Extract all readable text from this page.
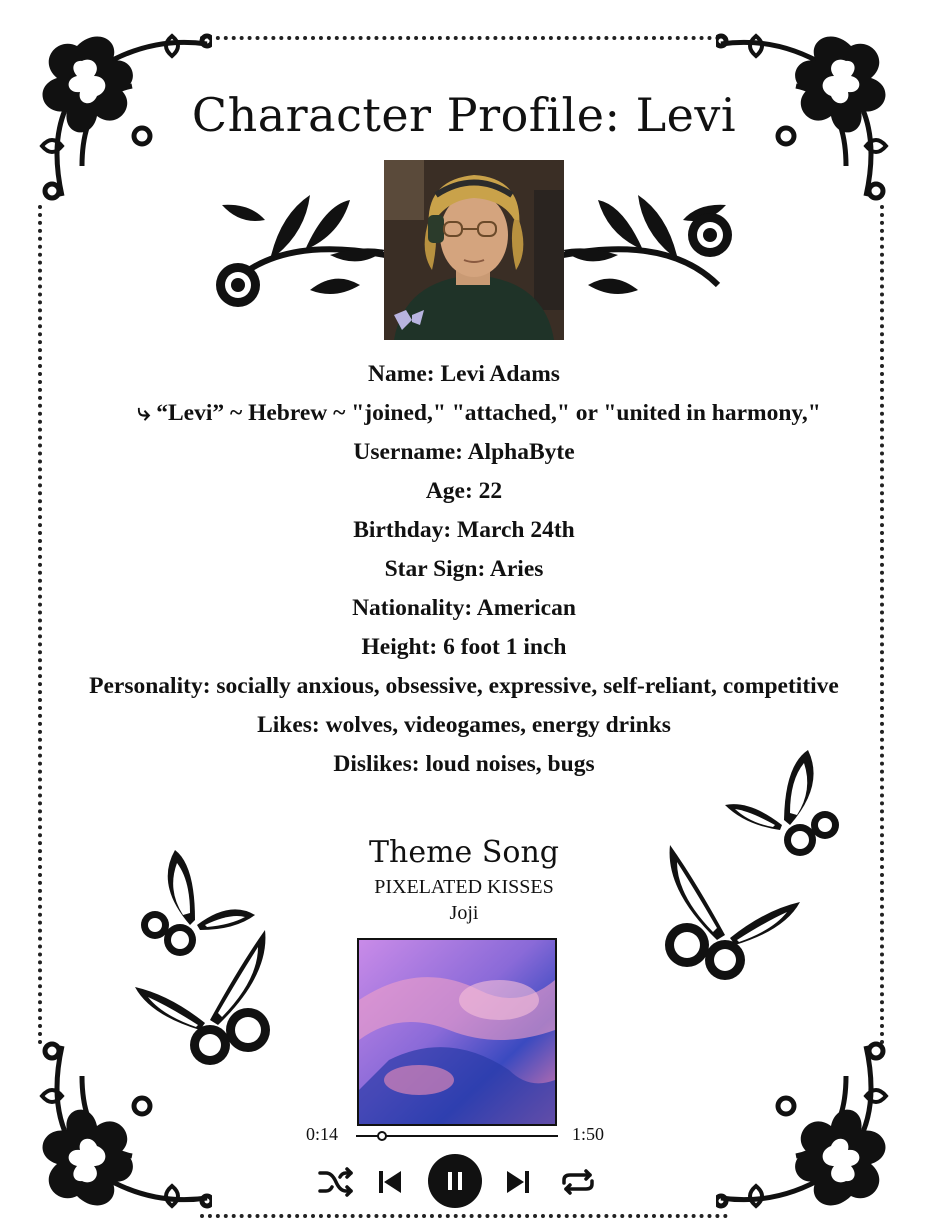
Character Profile: Levi
Name: Levi Adams
⤷ “Levi” ~ Hebrew ~ "joined," "attached," or "united in harmony,"
Username: AlphaByte
Age: 22
Birthday: March 24th
Star Sign: Aries
Nationality: American
Height: 6 foot 1 inch
Personality: socially anxious, obsessive, expressive, self-reliant, competitive
Likes: wolves, videogames, energy drinks
Dislikes: loud noises, bugs
Theme Song
PIXELATED KISSES
Joji
0:14	1:50
